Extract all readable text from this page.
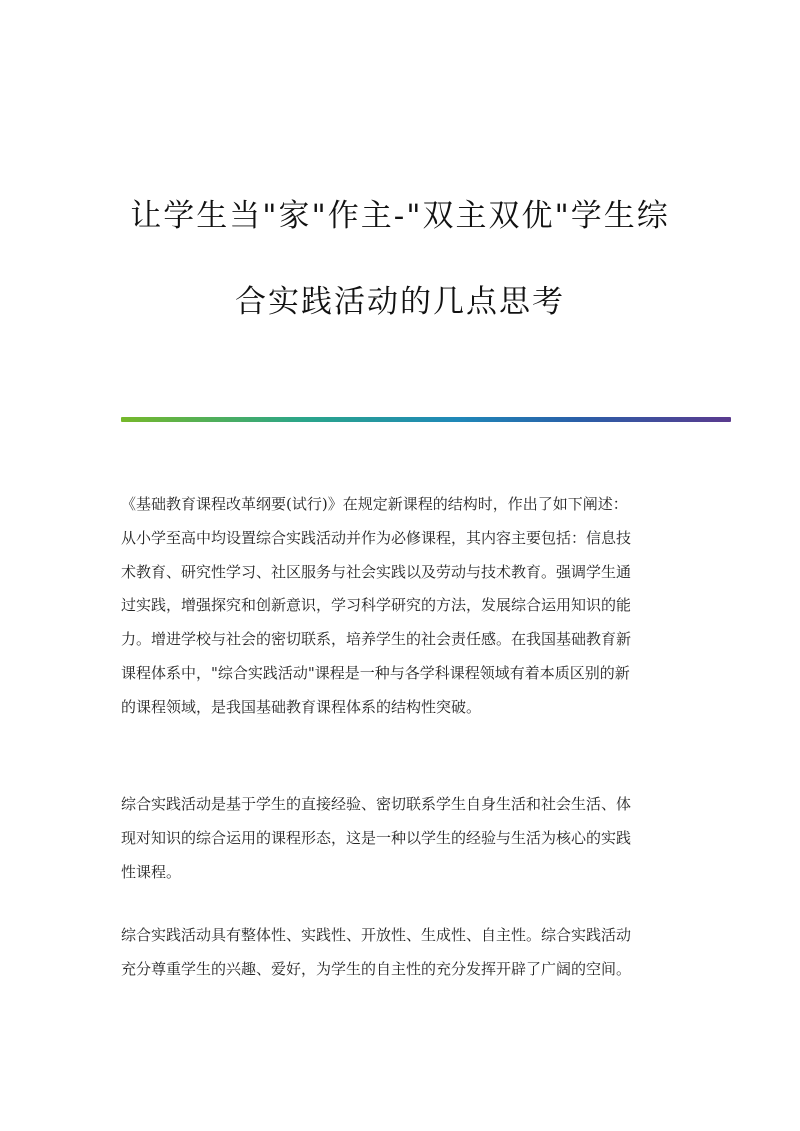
让学生当"家"作主-"双主双优"学生综
合实践活动的几点思考

《基础教育课程改革纲要(试行)》在规定新课程的结构时，作出了如下阐述：
从小学至高中均设置综合实践活动并作为必修课程，其内容主要包括：信息技
术教育、研究性学习、社区服务与社会实践以及劳动与技术教育。强调学生通
过实践，增强探究和创新意识，学习科学研究的方法，发展综合运用知识的能
力。增进学校与社会的密切联系，培养学生的社会责任感。在我国基础教育新
课程体系中，"综合实践活动"课程是一种与各学科课程领域有着本质区别的新
的课程领域，是我国基础教育课程体系的结构性突破。

综合实践活动是基于学生的直接经验、密切联系学生自身生活和社会生活、体
现对知识的综合运用的课程形态，这是一种以学生的经验与生活为核心的实践
性课程。

综合实践活动具有整体性、实践性、开放性、生成性、自主性。综合实践活动
充分尊重学生的兴趣、爱好，为学生的自主性的充分发挥开辟了广阔的空间。
